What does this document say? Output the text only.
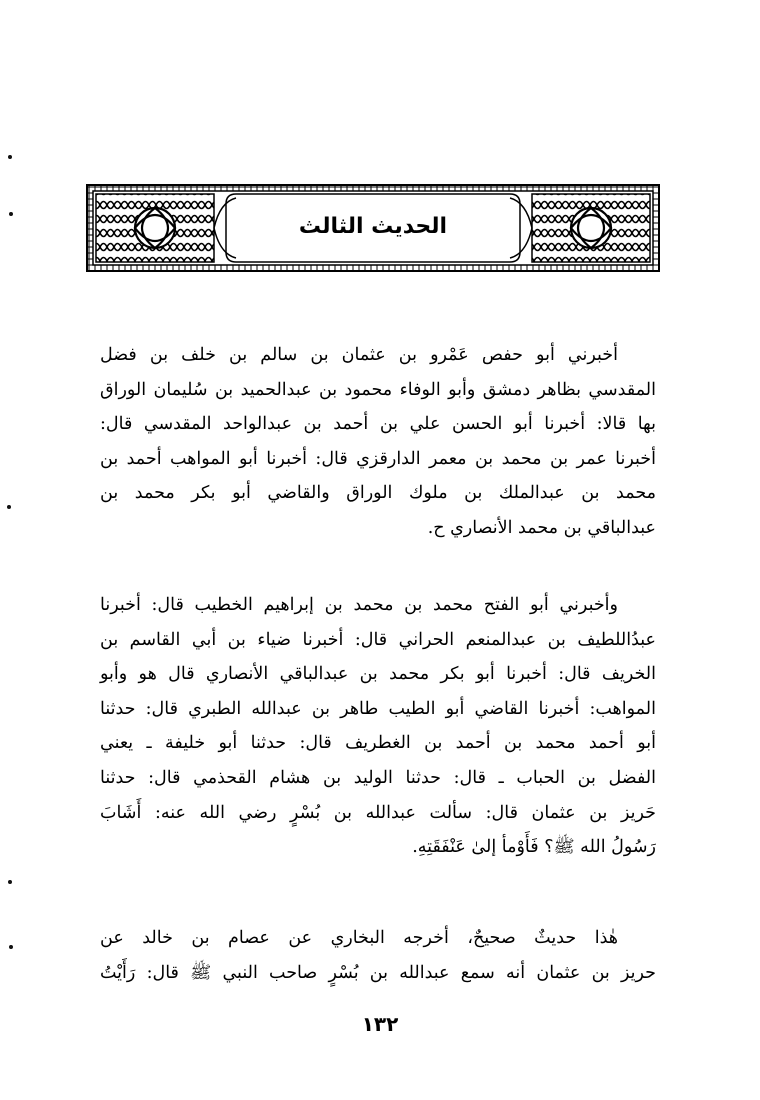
الحديث الثالث
أخبرني أبو حفص عَمْرو بن عثمان بن سالم بن خلف بن فضل
المقدسي بظاهر دمشق وأبو الوفاء محمود بن عبدالحميد بن سُليمان الوراق
بها قالا: أخبرنا أبو الحسن علي بن أحمد بن عبدالواحد المقدسي قال:
أخبرنا عمر بن محمد بن معمر الدارقزي قال: أخبرنا أبو المواهب أحمد بن
محمد بن عبدالملك بن ملوك الوراق والقاضي أبو بكر محمد بن
عبدالباقي بن محمد الأنصاري ح.
وأخبرني أبو الفتح محمد بن محمد بن إبراهيم الخطيب قال: أخبرنا
عبدُاللطيف بن عبدالمنعم الحراني قال: أخبرنا ضياء بن أبي القاسم بن
الخريف قال: أخبرنا أبو بكر محمد بن عبدالباقي الأنصاري قال هو وأبو
المواهب: أخبرنا القاضي أبو الطيب طاهر بن عبدالله الطبري قال: حدثنا
أبو أحمد محمد بن أحمد بن الغطريف قال: حدثنا أبو خليفة ـ يعني
الفضل بن الحباب ـ قال: حدثنا الوليد بن هشام القحذمي قال: حدثنا
حَريز بن عثمان قال: سألت عبدالله بن بُسْرٍ رضي الله عنه: أَشَابَ
رَسُولُ الله ﷺ؟ فَأَوْمأ إلىٰ عَنْفَقَتِهِ.
هٰذا حديثٌ صحيحٌ، أخرجه البخاري عن عصام بن خالد عن
حريز بن عثمان أنه سمع عبدالله بن بُسْرٍ صاحب النبي ﷺ قال: رَأَيْتُ
١٣٢
